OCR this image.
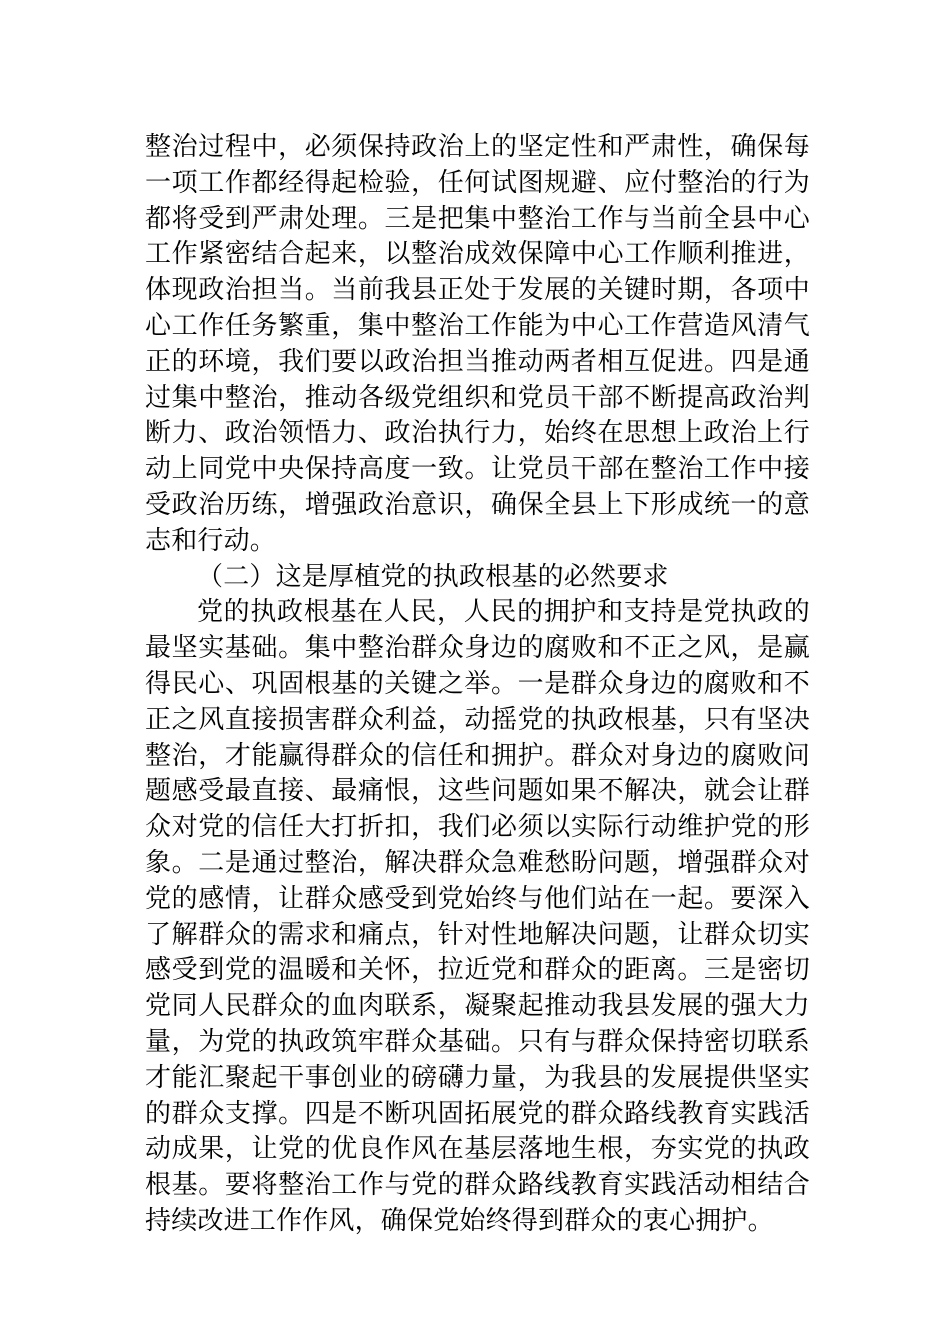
整治过程中，必须保持政治上的坚定性和严肃性，确保每一项工作都经得起检验，任何试图规避、应付整治的行为都将受到严肃处理。三是把集中整治工作与当前全县中心工作紧密结合起来，以整治成效保障中心工作顺利推进，体现政治担当。当前我县正处于发展的关键时期，各项中心工作任务繁重，集中整治工作能为中心工作营造风清气正的环境，我们要以政治担当推动两者相互促进。四是通过集中整治，推动各级党组织和党员干部不断提高政治判断力、政治领悟力、政治执行力，始终在思想上政治上行动上同党中央保持高度一致。让党员干部在整治工作中接受政治历练，增强政治意识，确保全县上下形成统一的意志和行动。

（二）这是厚植党的执政根基的必然要求

党的执政根基在人民，人民的拥护和支持是党执政的最坚实基础。集中整治群众身边的腐败和不正之风，是赢得民心、巩固根基的关键之举。一是群众身边的腐败和不正之风直接损害群众利益，动摇党的执政根基，只有坚决整治，才能赢得群众的信任和拥护。群众对身边的腐败问题感受最直接、最痛恨，这些问题如果不解决，就会让群众对党的信任大打折扣，我们必须以实际行动维护党的形象。二是通过整治，解决群众急难愁盼问题，增强群众对党的感情，让群众感受到党始终与他们站在一起。要深入了解群众的需求和痛点，针对性地解决问题，让群众切实感受到党的温暖和关怀，拉近党和群众的距离。三是密切党同人民群众的血肉联系，凝聚起推动我县发展的强大力量，为党的执政筑牢群众基础。只有与群众保持密切联系才能汇聚起干事创业的磅礴力量，为我县的发展提供坚实的群众支撑。四是不断巩固拓展党的群众路线教育实践活动成果，让党的优良作风在基层落地生根，夯实党的执政根基。要将整治工作与党的群众路线教育实践活动相结合持续改进工作作风，确保党始终得到群众的衷心拥护。
